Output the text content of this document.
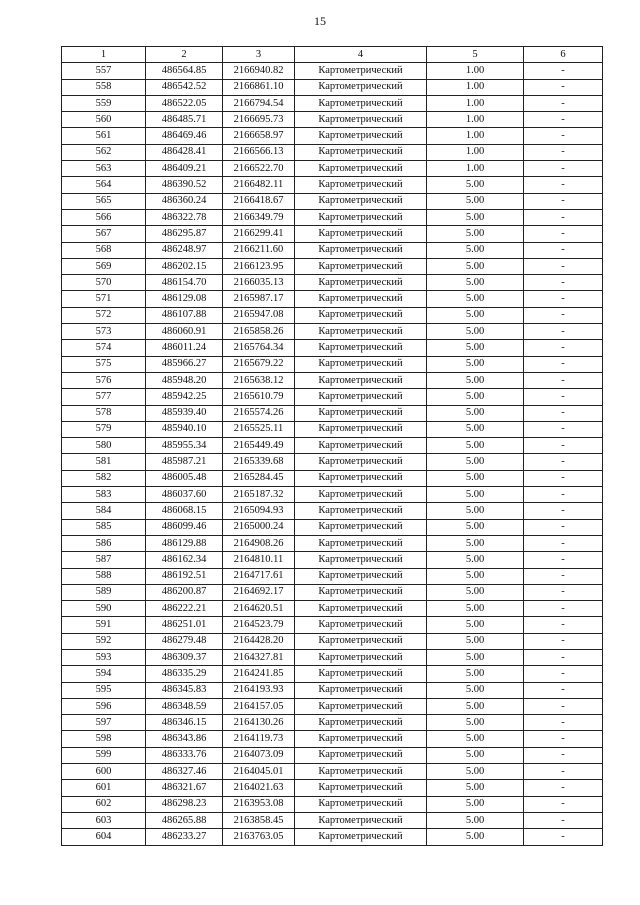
15
1	2	3	4	5	6
557	486564.85	2166940.82	Картометрический	1.00	-
558	486542.52	2166861.10	Картометрический	1.00	-
559	486522.05	2166794.54	Картометрический	1.00	-
560	486485.71	2166695.73	Картометрический	1.00	-
561	486469.46	2166658.97	Картометрический	1.00	-
562	486428.41	2166566.13	Картометрический	1.00	-
563	486409.21	2166522.70	Картометрический	1.00	-
564	486390.52	2166482.11	Картометрический	5.00	-
565	486360.24	2166418.67	Картометрический	5.00	-
566	486322.78	2166349.79	Картометрический	5.00	-
567	486295.87	2166299.41	Картометрический	5.00	-
568	486248.97	2166211.60	Картометрический	5.00	-
569	486202.15	2166123.95	Картометрический	5.00	-
570	486154.70	2166035.13	Картометрический	5.00	-
571	486129.08	2165987.17	Картометрический	5.00	-
572	486107.88	2165947.08	Картометрический	5.00	-
573	486060.91	2165858.26	Картометрический	5.00	-
574	486011.24	2165764.34	Картометрический	5.00	-
575	485966.27	2165679.22	Картометрический	5.00	-
576	485948.20	2165638.12	Картометрический	5.00	-
577	485942.25	2165610.79	Картометрический	5.00	-
578	485939.40	2165574.26	Картометрический	5.00	-
579	485940.10	2165525.11	Картометрический	5.00	-
580	485955.34	2165449.49	Картометрический	5.00	-
581	485987.21	2165339.68	Картометрический	5.00	-
582	486005.48	2165284.45	Картометрический	5.00	-
583	486037.60	2165187.32	Картометрический	5.00	-
584	486068.15	2165094.93	Картометрический	5.00	-
585	486099.46	2165000.24	Картометрический	5.00	-
586	486129.88	2164908.26	Картометрический	5.00	-
587	486162.34	2164810.11	Картометрический	5.00	-
588	486192.51	2164717.61	Картометрический	5.00	-
589	486200.87	2164692.17	Картометрический	5.00	-
590	486222.21	2164620.51	Картометрический	5.00	-
591	486251.01	2164523.79	Картометрический	5.00	-
592	486279.48	2164428.20	Картометрический	5.00	-
593	486309.37	2164327.81	Картометрический	5.00	-
594	486335.29	2164241.85	Картометрический	5.00	-
595	486345.83	2164193.93	Картометрический	5.00	-
596	486348.59	2164157.05	Картометрический	5.00	-
597	486346.15	2164130.26	Картометрический	5.00	-
598	486343.86	2164119.73	Картометрический	5.00	-
599	486333.76	2164073.09	Картометрический	5.00	-
600	486327.46	2164045.01	Картометрический	5.00	-
601	486321.67	2164021.63	Картометрический	5.00	-
602	486298.23	2163953.08	Картометрический	5.00	-
603	486265.88	2163858.45	Картометрический	5.00	-
604	486233.27	2163763.05	Картометрический	5.00	-
